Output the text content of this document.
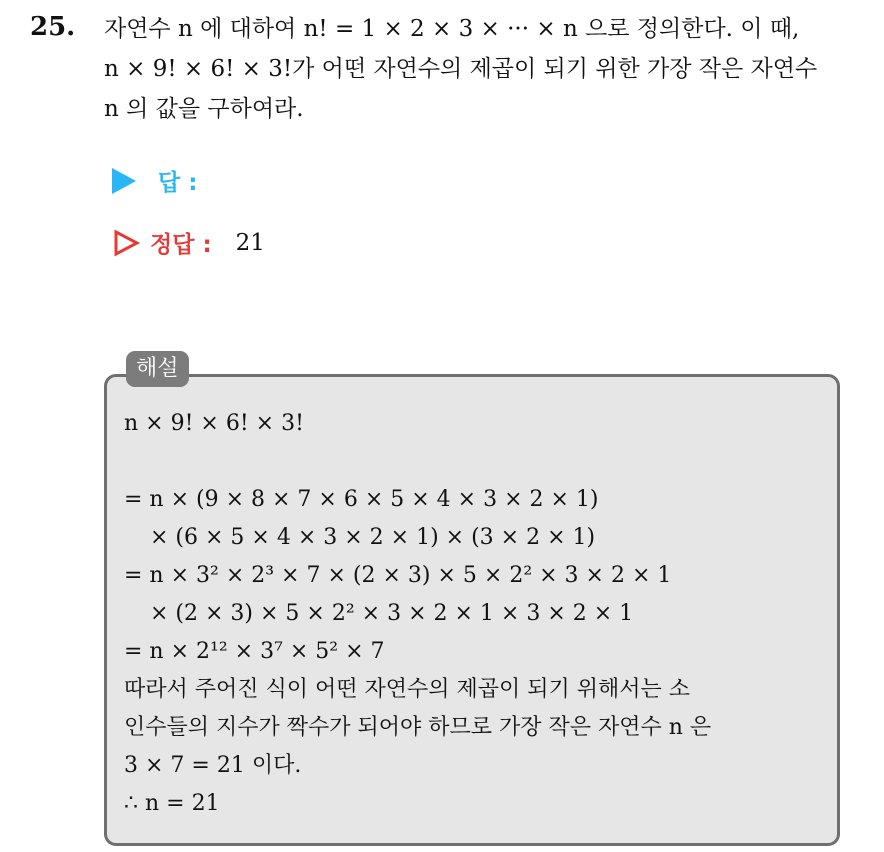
25. 자연수 n 에 대하여 n! = 1 × 2 × 3 × ··· × n 으로 정의한다. 이 때,
n × 9! × 6! × 3!가 어떤 자연수의 제곱이 되기 위한 가장 작은 자연수
n 의 값을 구하여라.
답 :
정답 : 21
해설
n × 9! × 6! × 3!
= n × (9 × 8 × 7 × 6 × 5 × 4 × 3 × 2 × 1)
× (6 × 5 × 4 × 3 × 2 × 1) × (3 × 2 × 1)
= n × 3² × 2³ × 7 × (2 × 3) × 5 × 2² × 3 × 2 × 1
× (2 × 3) × 5 × 2² × 3 × 2 × 1 × 3 × 2 × 1
= n × 2¹² × 3⁷ × 5² × 7
따라서 주어진 식이 어떤 자연수의 제곱이 되기 위해서는 소
인수들의 지수가 짝수가 되어야 하므로 가장 작은 자연수 n 은
3 × 7 = 21 이다.
∴ n = 21
